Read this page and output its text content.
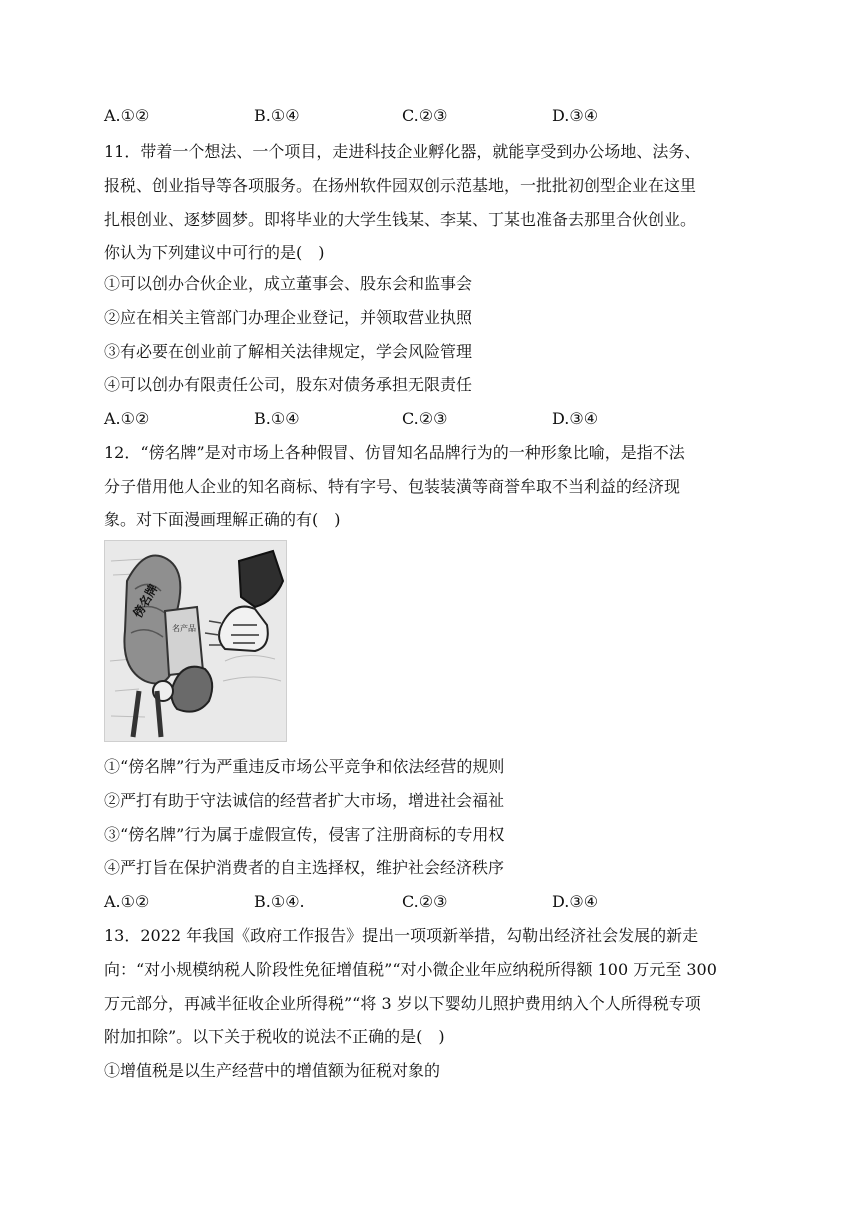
A.①②	B.①④	C.②③	D.③④
11．带着一个想法、一个项目，走进科技企业孵化器，就能享受到办公场地、法务、
报税、创业指导等各项服务。在扬州软件园双创示范基地，一批批初创型企业在这里
扎根创业、逐梦圆梦。即将毕业的大学生钱某、李某、丁某也准备去那里合伙创业。
你认为下列建议中可行的是(　)
①可以创办合伙企业，成立董事会、股东会和监事会
②应在相关主管部门办理企业登记，并领取营业执照
③有必要在创业前了解相关法律规定，学会风险管理
④可以创办有限责任公司，股东对债务承担无限责任
A.①②	B.①④	C.②③	D.③④
12．“傍名牌”是对市场上各种假冒、仿冒知名品牌行为的一种形象比喻，是指不法
分子借用他人企业的知名商标、特有字号、包装装潢等商誉牟取不当利益的经济现
象。对下面漫画理解正确的有(　)
傍名牌
名产品
①“傍名牌”行为严重违反市场公平竞争和依法经营的规则
②严打有助于守法诚信的经营者扩大市场，增进社会福祉
③“傍名牌”行为属于虚假宣传，侵害了注册商标的专用权
④严打旨在保护消费者的自主选择权，维护社会经济秩序
A.①②	B.①④.	C.②③	D.③④
13．2022 年我国《政府工作报告》提出一项项新举措，勾勒出经济社会发展的新走
向：“对小规模纳税人阶段性免征增值税”“对小微企业年应纳税所得额 100 万元至 300
万元部分，再减半征收企业所得税”“将 3 岁以下婴幼儿照护费用纳入个人所得税专项
附加扣除”。以下关于税收的说法不正确的是(　)
①增值税是以生产经营中的增值额为征税对象的
